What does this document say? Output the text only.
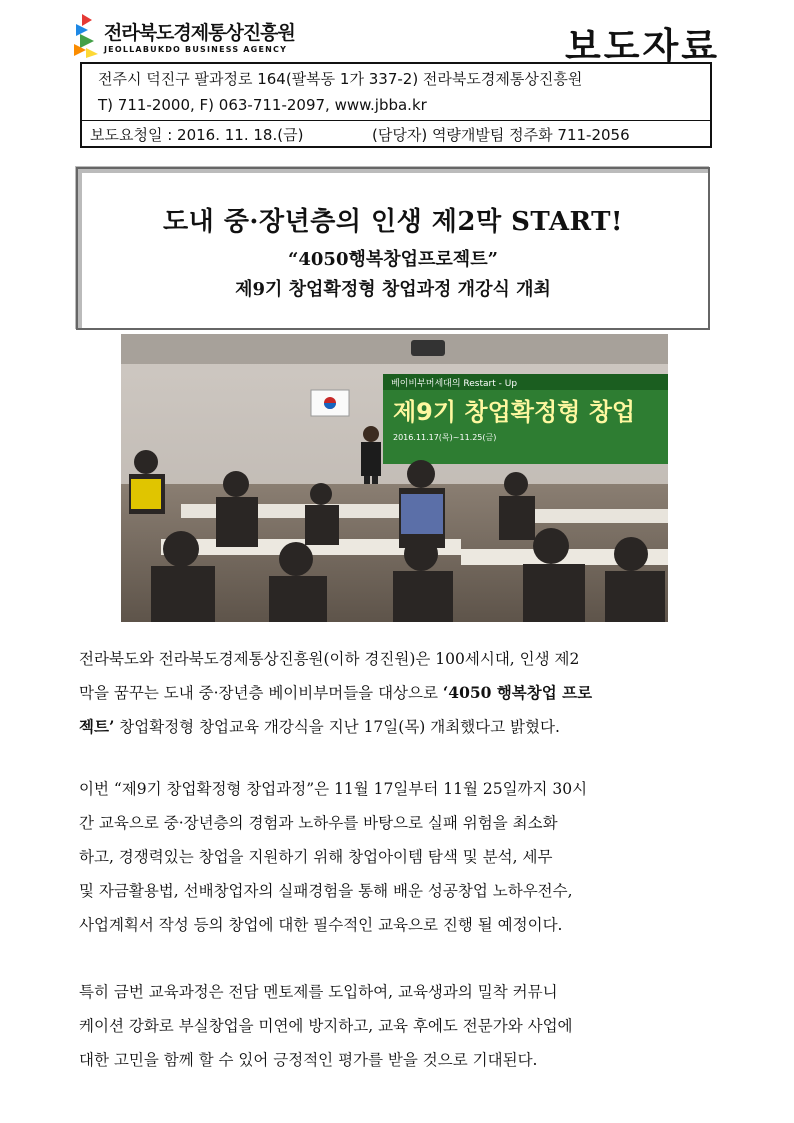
전라북도경제통상진흥원
JEOLLABUKDO BUSINESS AGENCY	보도자료
전주시 덕진구 팔과정로 164(팔복동 1가 337-2) 전라북도경제통상진흥원
T) 711-2000, F) 063-711-2097, www.jbba.kr
보도요청일 : 2016. 11. 18.(금)	(담당자) 역량개발팀 정주화 711-2056
도내 중·장년층의 인생 제2막 START!
“4050행복창업프로젝트”
제9기 창업확정형 창업과정 개강식 개최
베이비부머세대의 Restart - Up
제9기 창업확정형 창업
2016.11.17(목)~11.25(금)
전라북도와 전라북도경제통상진흥원(이하 경진원)은 100세시대, 인생 제2
막을 꿈꾸는 도내 중·장년층 베이비부머들을 대상으로 ‘4050 행복창업 프로
젝트’ 창업확정형 창업교육 개강식을 지난 17일(목) 개최했다고 밝혔다.
이번 “제9기 창업확정형 창업과정”은 11월 17일부터 11월 25일까지 30시
간 교육으로 중·장년층의 경험과 노하우를 바탕으로 실패 위험을 최소화
하고, 경쟁력있는 창업을 지원하기 위해 창업아이템 탐색 및 분석, 세무
및 자금활용법, 선배창업자의 실패경험을 통해 배운 성공창업 노하우전수,
사업계획서 작성 등의 창업에 대한 필수적인 교육으로 진행 될 예정이다.
특히 금번 교육과정은 전담 멘토제를 도입하여, 교육생과의 밀착 커뮤니
케이션 강화로 부실창업을 미연에 방지하고, 교육 후에도 전문가와 사업에
대한 고민을 함께 할 수 있어 긍정적인 평가를 받을 것으로 기대된다.
